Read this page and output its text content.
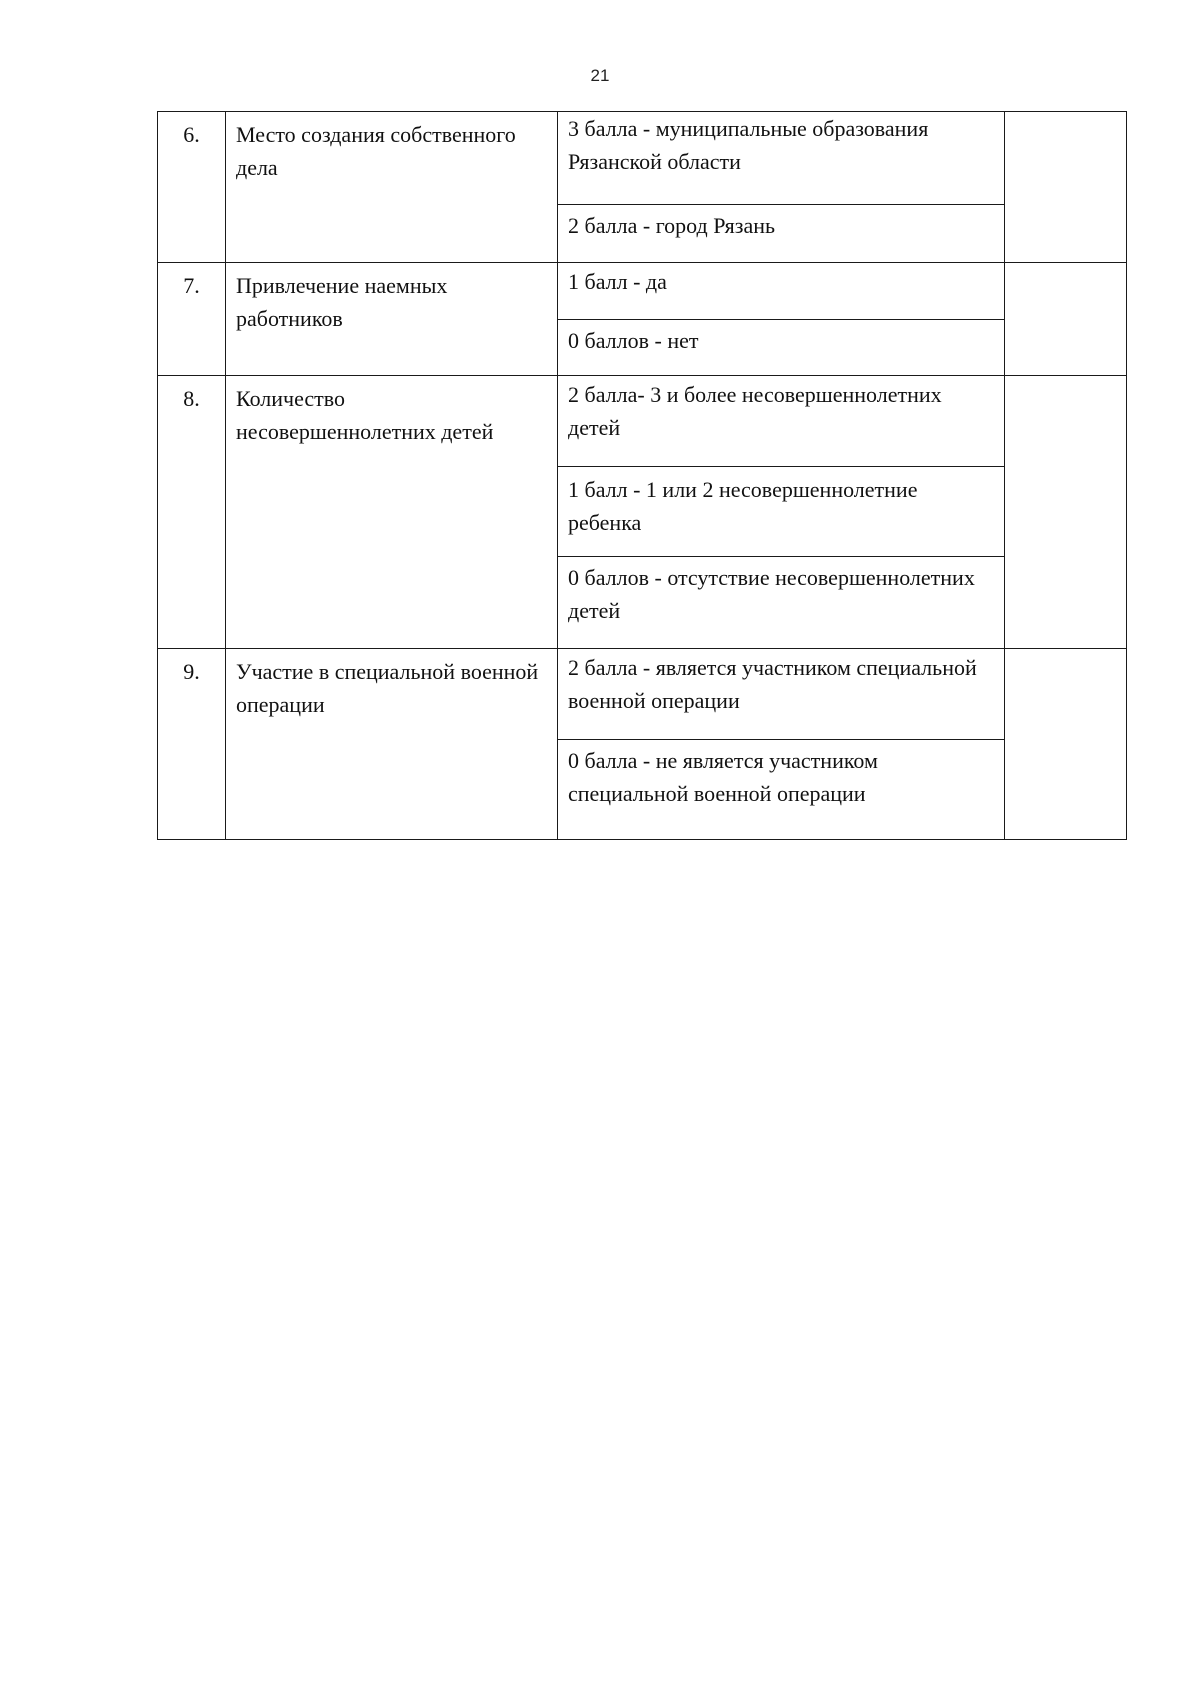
21
6.	Место создания собственного дела
3 балла - муниципальные образования Рязанской области
2 балла - город Рязань
7.	Привлечение наемных работников
1 балл - да
0 баллов - нет
8.	Количество несовершеннолетних детей
2 балла- 3 и более несовершеннолетних детей
1 балл - 1 или 2 несовершеннолетние ребенка
0 баллов - отсутствие несовершеннолетних детей
9.	Участие в специальной военной операции
2 балла - является участником специальной военной операции
0 балла - не является участником специальной военной операции
